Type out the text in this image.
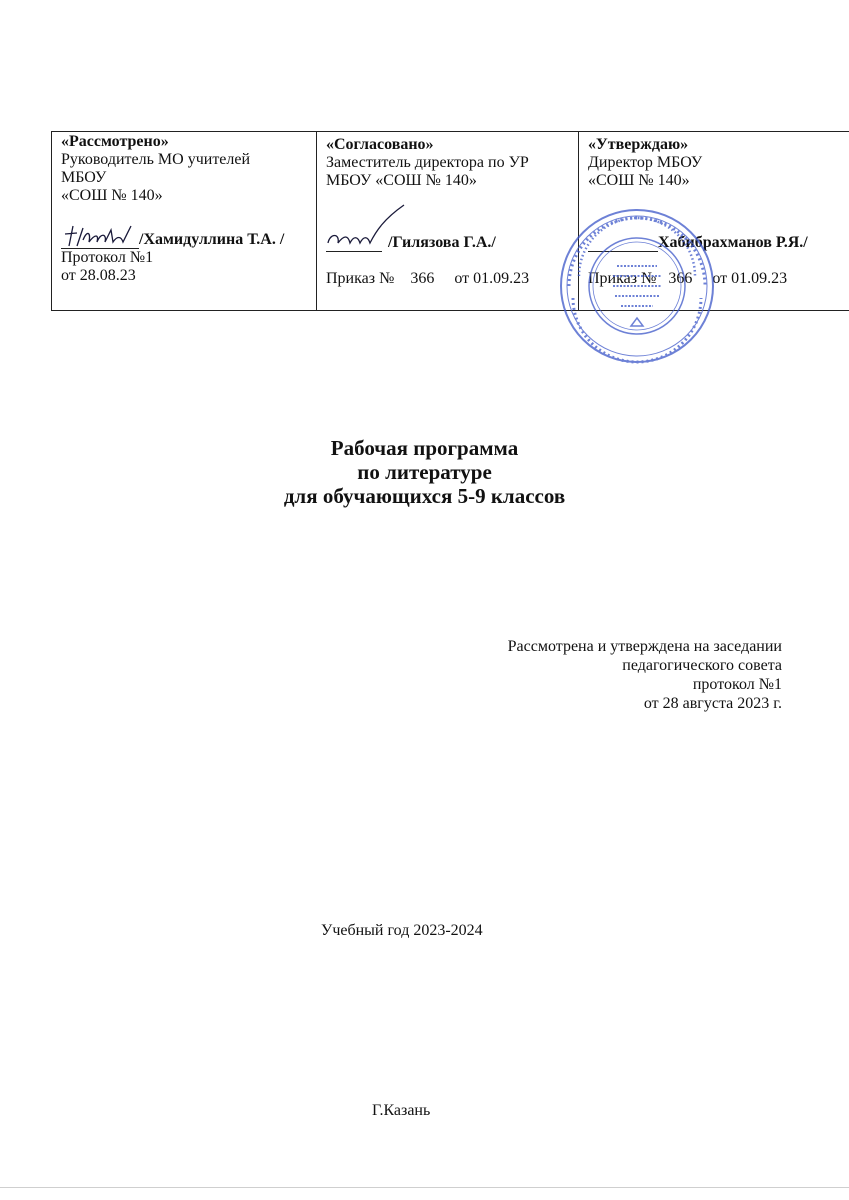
«Рассмотрено»
Руководитель МО учителей
МБОУ
«СОШ № 140»
/Хамидуллина Т.А. /
Протокол №1
от 28.08.23

«Согласовано»
Заместитель директора по УР
МБОУ «СОШ № 140»
/Гилязова Г.А./
Приказ № 366 от 01.09.23

«Утверждаю»
Директор МБОУ
«СОШ № 140»
Хабибрахманов Р.Я./
Приказ № 366 от 01.09.23
Рабочая программа
по литературе
для обучающихся 5-9 классов
Рассмотрена и утверждена на заседании
педагогического совета
протокол №1
от 28 августа 2023 г.
Учебный год 2023-2024
Г.Казань
